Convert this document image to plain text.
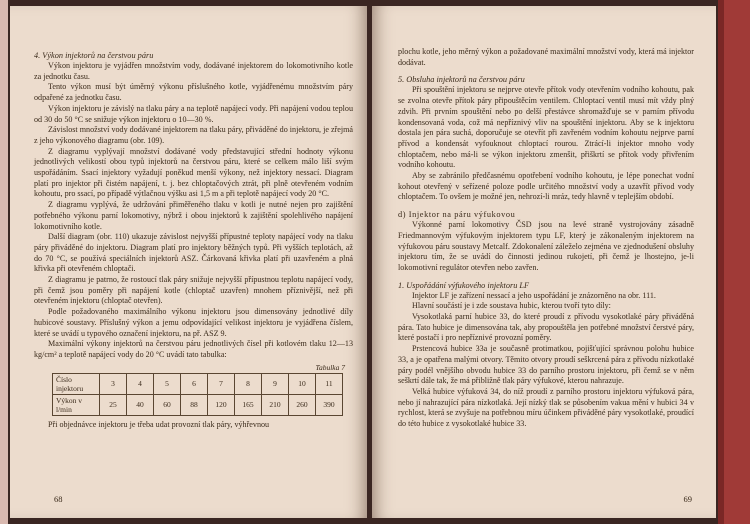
4. Výkon injektorů na čerstvou páru

Výkon injektoru je vyjádřen množstvím vody, dodávané injektorem do lokomotivního kotle za jednotku času.

Tento výkon musí být úměrný výkonu příslušného kotle, vyjádřenému množstvím páry odpařené za jednotku času.

Výkon injektoru je závislý na tlaku páry a na teplotě napájecí vody. Při napájení vodou teplou od 30 do 50 °C se snižuje výkon injektoru o 10—30 %.

Závislost množství vody dodávané injektorem na tlaku páry, přiváděné do injektoru, je zřejmá z jeho výkonového diagramu (obr. 109).

Z diagramu vyplývají množství dodávané vody představující střední hodnoty výkonu jednotlivých velikostí obou typů injektorů na čerstvou páru, které se celkem málo liší svým uspořádáním. Ssací injektory vyžadují poněkud menší výkony, než injektory nessací. Diagram platí pro injektor při čistém napájení, t. j. bez chloptačových ztrát, při plně otevřeném vodním kohoutu, pro ssací, po případě výtlačnou výšku asi 1,5 m a při teplotě napájecí vody 20 °C.

Z diagramu vyplývá, že udržování přiměřeného tlaku v kotli je nutné nejen pro zajištění potřebného výkonu parní lokomotivy, nýbrž i obou injektorů k zajištění spolehlivého napájení lokomotivního kotle.

Další diagram (obr. 110) ukazuje závislost nejvyšší přípustné teploty napájecí vody na tlaku páry přiváděné do injektoru. Diagram platí pro injektory běžných typů. Při vyšších teplotách, až do 70 °C, se používá speciálních injektorů ASZ. Čárkovaná křivka platí při uzavřeném a plná křivka při otevřeném chloptači.

Z diagramu je patrno, že rostoucí tlak páry snižuje nejvyšší přípustnou teplotu napájecí vody, při čemž jsou poměry při napájení kotle (chloptač uzavřen) mnohem příznivější, než při otevřeném injektoru (chloptač otevřen).

Podle požadovaného maximálního výkonu injektoru jsou dimensovány jednotlivé díly hubicové soustavy. Příslušný výkon a jemu odpovídající velikost injektoru je vyjádřena číslem, které se uvádí u typového označení injektoru, na př. ASZ 9.

Maximální výkony injektorů na čerstvou páru jednotlivých čísel při kotlovém tlaku 12—13 kg/cm² a teplotě napájecí vody do 20 °C uvádí tato tabulka:

Tabulka 7
Číslo injektoru	3	4	5	6	7	8	9	10	11
Výkon v l/min	25	40	60	88	120	165	210	260	390

Při objednávce injektoru je třeba udat provozní tlak páry, výhřevnou

68

plochu kotle, jeho měrný výkon a požadované maximální množství vody, která má injektor dodávat.

5. Obsluha injektorů na čerstvou páru

Při spouštění injektoru se nejprve otevře přítok vody otevřením vodního kohoutu, pak se zvolna otevře přítok páry připouštěcím ventilem. Chloptací ventil musí mít vždy plný zdvih. Při prvním spouštění nebo po delší přestávce shromažďuje se v parním přívodu kondensovaná voda, což má nepříznivý vliv na spouštění injektoru. Aby se k injektoru dostala jen pára suchá, doporučuje se otevřít při zavřeném vodním kohoutu nejprve parní přívod a kondensát vyfouknout chloptací rourou. Ztrácí-li injektor mnoho vody chloptačem, nebo má-li se výkon injektoru zmenšit, přiškrtí se přítok vody přivřením vodního kohoutu.

Aby se zabránilo předčasnému opotřebení vodního kohoutu, je lépe ponechat vodní kohout otevřený v seřízené poloze podle určitého množství vody a uzavřít přívod vody chloptačem. To ovšem je možné jen, nehrozí-li mráz, tedy hlavně v teplejším období.

d) Injektor na páru výfukovou

Výkonné parní lokomotivy ČSD jsou na levé straně vystrojovány zásadně Friedmannovým výfukovým injektorem typu LF, který je zákonaleným injektorem na výfukovou páru soustavy Metcalf. Zdokonalení záleželo zejména ve zjednodušení obsluhy injektoru tím, že se uvádí do činnosti jedinou rukojetí, při čemž je lhostejno, je-li lokomotivní regulátor otevřen nebo zavřen.

1. Uspořádání výfukového injektoru LF

Injektor LF je zařízení nessací a jeho uspořádání je znázorněno na obr. 111.

Hlavní součástí je i zde soustava hubic, kterou tvoří tyto díly:

Vysokotlaká parní hubice 33, do které proudí z přívodu vysokotlaké páry přiváděná pára. Tato hubice je dimensována tak, aby propouštěla jen potřebné množství čerstvé páry, které postačí i pro nepříznivé provozní poměry.

Prstencová hubice 33a je současně protimatkou, pojišťující správnou polohu hubice 33, a je opatřena malými otvory. Těmito otvory proudí seškrcená pára z přívodu nízkotlaké páry podél vnějšího obvodu hubice 33 do parního prostoru injektoru, při čemž se v něm seškrtí dále tak, že má přibližně tlak páry výfukové, kterou nahrazuje.

Velká hubice výfuková 34, do níž proudí z parního prostoru injektoru výfuková pára, nebo jí nahrazující pára nízkotlaká. Její nízký tlak se působením vakua mění v hubici 34 v rychlost, která se zvyšuje na potřebnou míru účinkem přiváděné páry vysokotlaké, proudící do této hubice z vysokotlaké hubice 33.

69
